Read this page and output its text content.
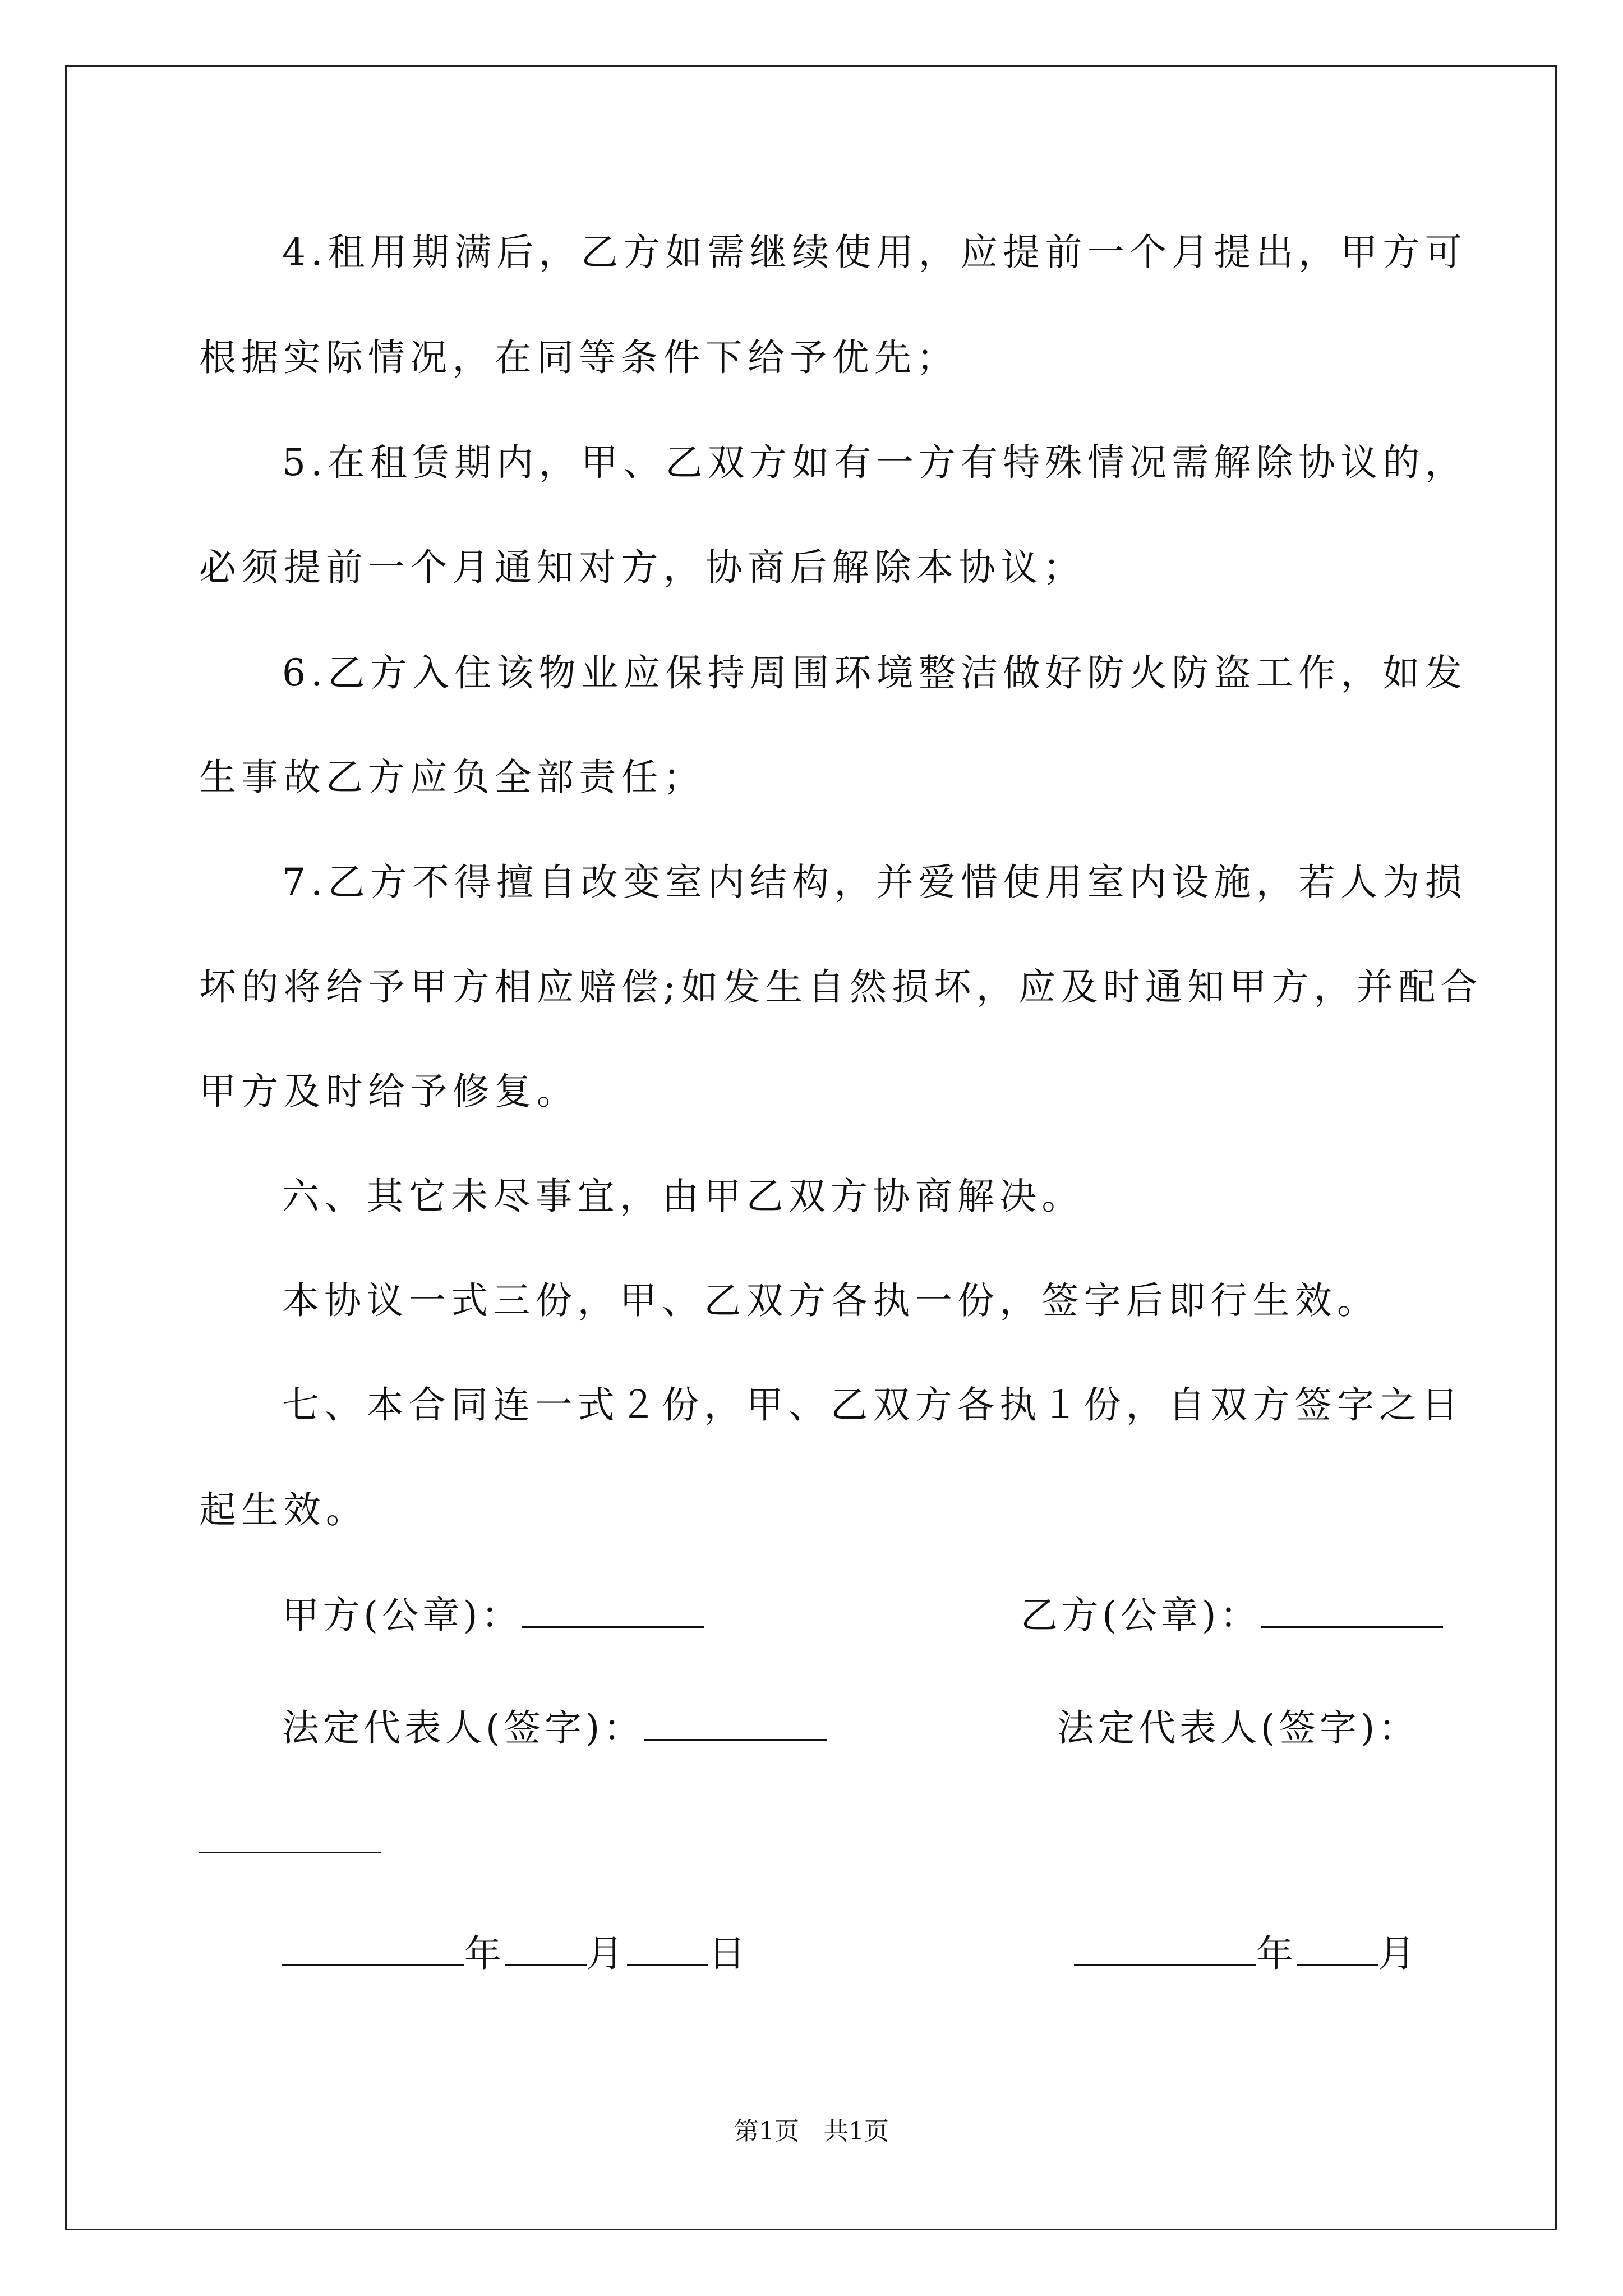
4.租用期满后，乙方如需继续使用，应提前一个月提出，甲方可
根据实际情况，在同等条件下给予优先；
5.在租赁期内，甲、乙双方如有一方有特殊情况需解除协议的，
必须提前一个月通知对方，协商后解除本协议；
6.乙方入住该物业应保持周围环境整洁做好防火防盗工作，如发
生事故乙方应负全部责任；
7.乙方不得擅自改变室内结构，并爱惜使用室内设施，若人为损
坏的将给予甲方相应赔偿;如发生自然损坏，应及时通知甲方，并配合
甲方及时给予修复。
六、其它未尽事宜，由甲乙双方协商解决。
本协议一式三份，甲、乙双方各执一份，签字后即行生效。
七、本合同连一式２份，甲、乙双方各执１份，自双方签字之日
起生效。
甲方(公章)：	乙方(公章)：
法定代表人(签字)：	法定代表人(签字)：
年 月 日	年 月
第1页　共1页
